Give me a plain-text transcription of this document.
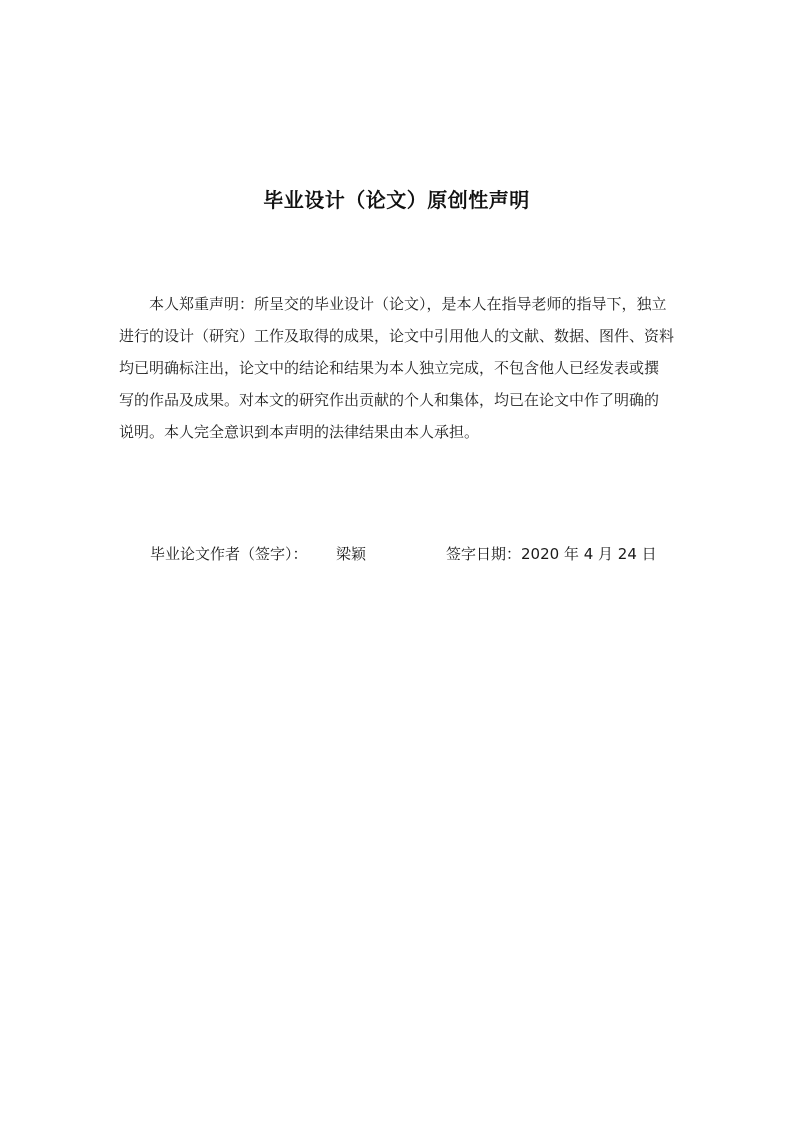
毕业设计（论文）原创性声明
本人郑重声明：所呈交的毕业设计（论文），是本人在指导老师的指导下，独立
进行的设计（研究）工作及取得的成果，论文中引用他人的文献、数据、图件、资料
均已明确标注出，论文中的结论和结果为本人独立完成，不包含他人已经发表或撰
写的作品及成果。对本文的研究作出贡献的个人和集体，均已在论文中作了明确的
说明。本人完全意识到本声明的法律结果由本人承担。
毕业论文作者（签字）： 梁颖	签字日期：2020 年 4 月 24 日
